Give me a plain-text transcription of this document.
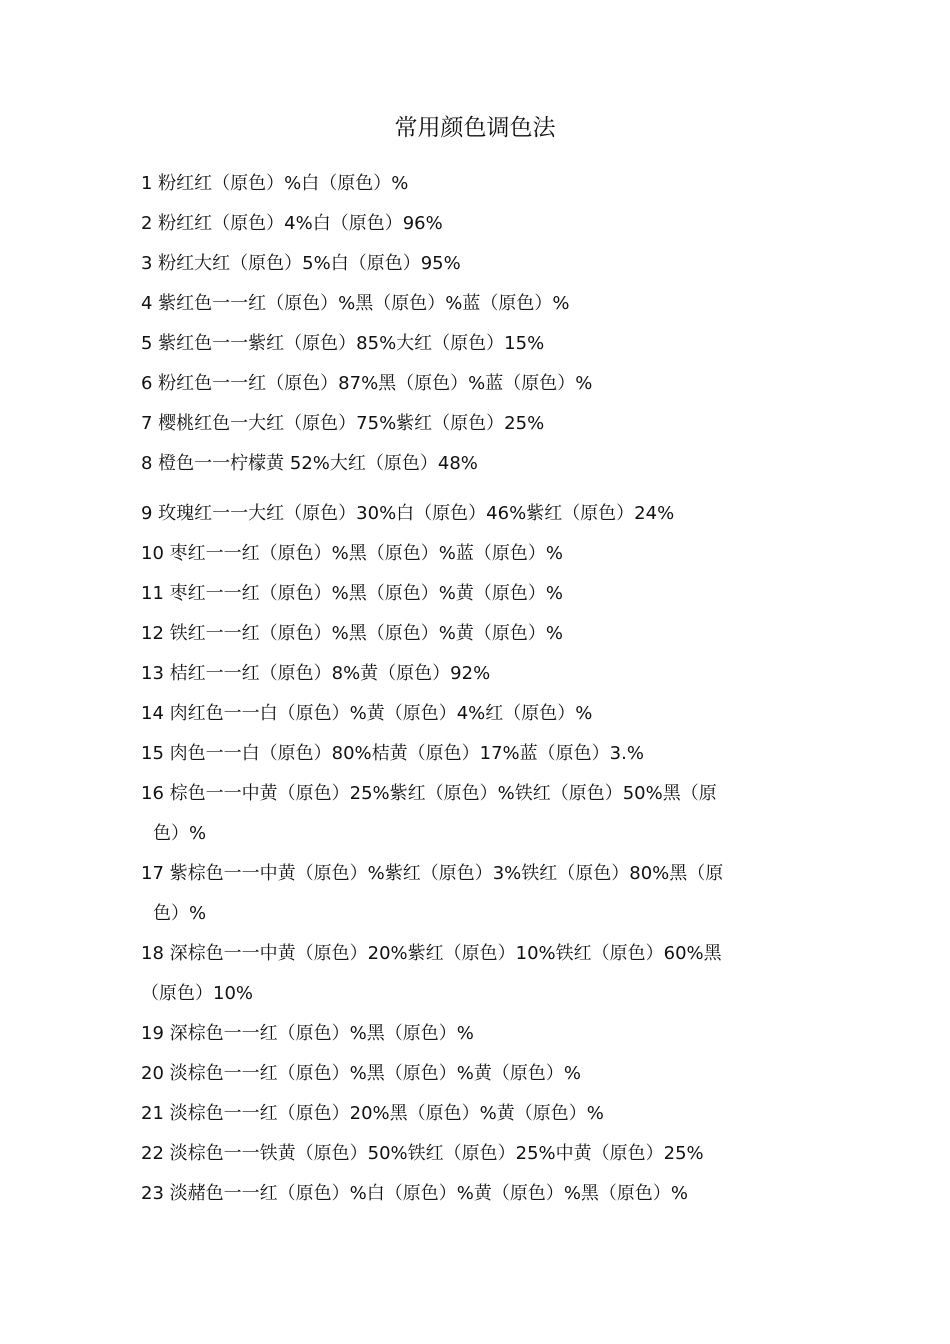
常用颜色调色法
1 粉红红（原色）%白（原色）%
2 粉红红（原色）4%白（原色）96%
3 粉红大红（原色）5%白（原色）95%
4 紫红色一一红（原色）%黑（原色）%蓝（原色）%
5 紫红色一一紫红（原色）85%大红（原色）15%
6 粉红色一一红（原色）87%黑（原色）%蓝（原色）%
7 樱桃红色一大红（原色）75%紫红（原色）25%
8 橙色一一柠檬黄 52%大红（原色）48%
9 玫瑰红一一大红（原色）30%白（原色）46%紫红（原色）24%
10 枣红一一红（原色）%黑（原色）%蓝（原色）%
11 枣红一一红（原色）%黑（原色）%黄（原色）%
12 铁红一一红（原色）%黑（原色）%黄（原色）%
13 桔红一一红（原色）8%黄（原色）92%
14 肉红色一一白（原色）%黄（原色）4%红（原色）%
15 肉色一一白（原色）80%桔黄（原色）17%蓝（原色）3.%
16 棕色一一中黄（原色）25%紫红（原色）%铁红（原色）50%黑（原
色）%
17 紫棕色一一中黄（原色）%紫红（原色）3%铁红（原色）80%黑（原
色）%
18 深棕色一一中黄（原色）20%紫红（原色）10%铁红（原色）60%黑
（原色）10%
19 深棕色一一红（原色）%黑（原色）%
20 淡棕色一一红（原色）%黑（原色）%黄（原色）%
21 淡棕色一一红（原色）20%黑（原色）%黄（原色）%
22 淡棕色一一铁黄（原色）50%铁红（原色）25%中黄（原色）25%
23 淡赭色一一红（原色）%白（原色）%黄（原色）%黑（原色）%
